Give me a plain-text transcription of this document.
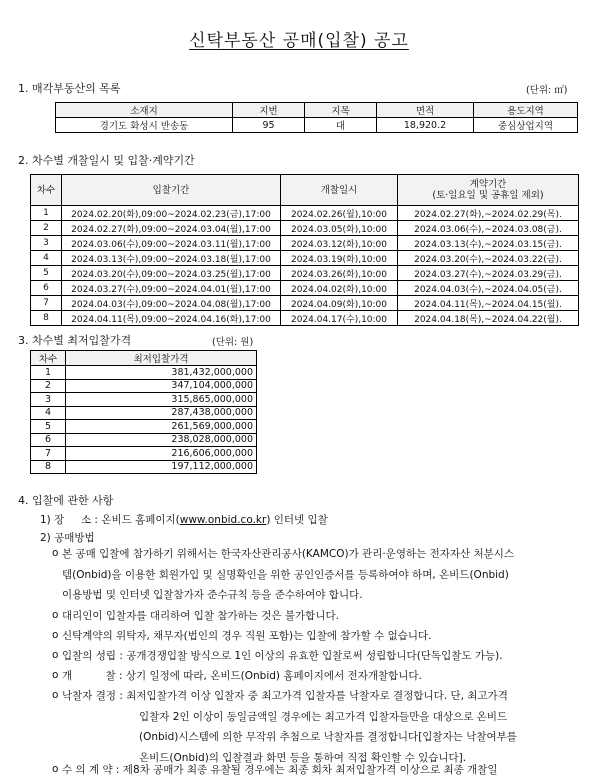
신탁부동산 공매(입찰) 공고
1. 매각부동산의 목록	(단위: ㎡)
소재지	지번	지목	면적	용도지역
경기도 화성시 반송동	95	대	18,920.2	중심상업지역
2. 차수별 개찰일시 및 입찰·계약기간
차수	입찰기간	개찰일시	계약기간
(토·일요일 및 공휴일 제외)

1	2024.02.20(화),09:00~2024.02.23(금),17:00	2024.02.26(월),10:00	2024.02.27(화),~2024.02.29(목).
2	2024.02.27(화),09:00~2024.03.04(월),17:00	2024.03.05(화),10:00	2024.03.06(수),~2024.03.08(금).
3	2024.03.06(수),09:00~2024.03.11(월),17:00	2024.03.12(화),10:00	2024.03.13(수),~2024.03.15(금).
4	2024.03.13(수),09:00~2024.03.18(월),17:00	2024.03.19(화),10:00	2024.03.20(수),~2024.03.22(금).
5	2024.03.20(수),09:00~2024.03.25(월),17:00	2024.03.26(화),10:00	2024.03.27(수),~2024.03.29(금).
6	2024.03.27(수),09:00~2024.04.01(월),17:00	2024.04.02(화),10:00	2024.04.03(수),~2024.04.05(금).
7	2024.04.03(수),09:00~2024.04.08(월),17:00	2024.04.09(화),10:00	2024.04.11(목),~2024.04.15(월).
8	2024.04.11(목),09:00~2024.04.16(화),17:00	2024.04.17(수),10:00	2024.04.18(목),~2024.04.22(월).
3. 차수별 최저입찰가격	(단위: 원)
차수	최저입찰가격
1	381,432,000,000
2	347,104,000,000
3	315,865,000,000
4	287,438,000,000
5	261,569,000,000
6	238,028,000,000
7	216,606,000,000
8	197,112,000,000
4. 입찰에 관한 사항
1) 장     소 : 온비드 홈페이지(www.onbid.co.kr) 인터넷 입찰
2) 공매방법
ο 본 공매 입찰에 참가하기 위해서는 한국자산관리공사(KAMCO)가 관리·운영하는 전자자산 처분시스
템(Onbid)을 이용한 회원가입 및 실명확인을 위한 공인인증서를 등록하여야 하며, 온비드(Onbid)
이용방법 및 인터넷 입찰참가자 준수규칙 등을 준수하여야 합니다.
ο 대리인이 입찰자를 대리하여 입찰 참가하는 것은 불가합니다.
ο 신탁계약의 위탁자, 채무자(법인의 경우 직원 포함)는 입찰에 참가할 수 없습니다.
ο 입찰의 성립 : 공개경쟁입찰 방식으로 1인 이상의 유효한 입찰로써 성립합니다(단독입찰도 가능).
ο 개          찰 : 상기 일정에 따라, 온비드(Onbid) 홈페이지에서 전자개찰합니다.
ο 낙찰자 결정 : 최저입찰가격 이상 입찰자 중 최고가격 입찰자를 낙찰자로 결정합니다. 단, 최고가격
입찰자 2인 이상이 동일금액일 경우에는 최고가격 입찰자들만을 대상으로 온비드
(Onbid)시스템에 의한 무작위 추첨으로 낙찰자를 결정합니다[입찰자는 낙찰여부를
온비드(Onbid)의 입찰결과 화면 등을 통하여 직접 확인할 수 있습니다].
ο 수 의 계 약 : 제8차 공매가 최종 유찰될 경우에는 최종 회차 최저입찰가격 이상으로 최종 개찰일
